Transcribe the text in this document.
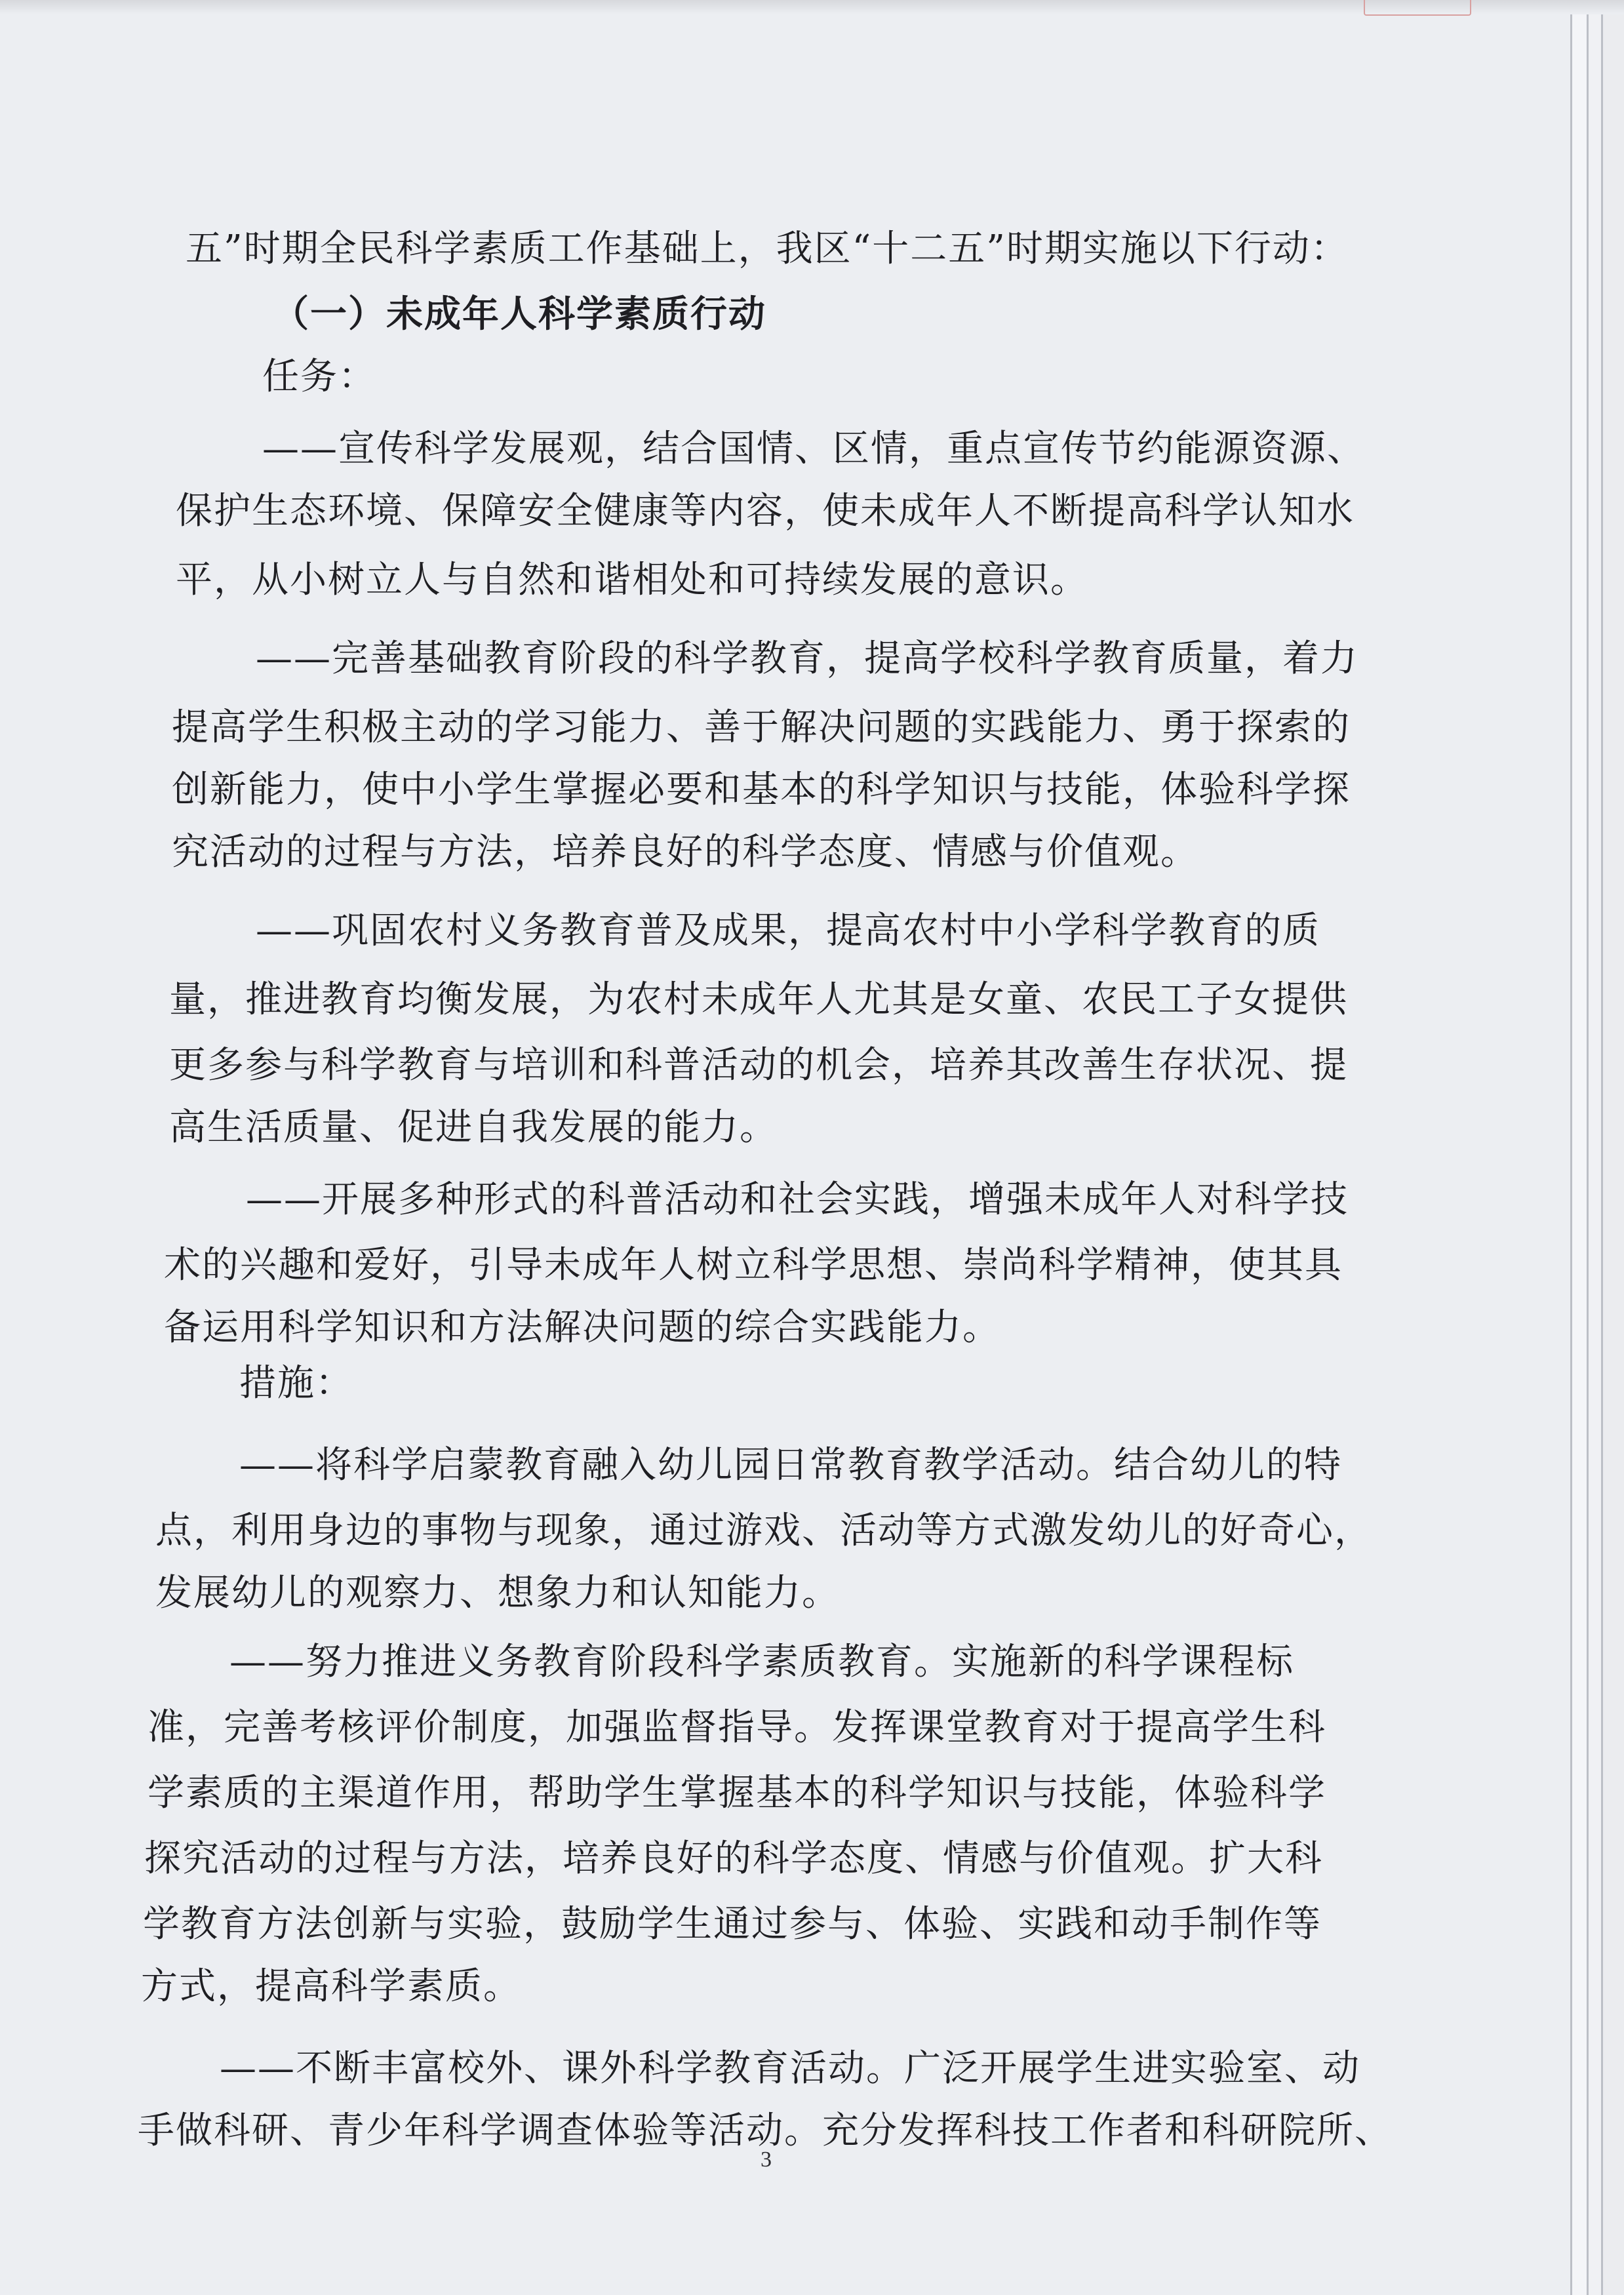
五”时期全民科学素质工作基础上，我区“十二五”时期实施以下行动：

（一）未成年人科学素质行动

任务：

——宣传科学发展观，结合国情、区情，重点宣传节约能源资源、

保护生态环境、保障安全健康等内容，使未成年人不断提高科学认知水

平，从小树立人与自然和谐相处和可持续发展的意识。

——完善基础教育阶段的科学教育，提高学校科学教育质量，着力

提高学生积极主动的学习能力、善于解决问题的实践能力、勇于探索的

创新能力，使中小学生掌握必要和基本的科学知识与技能，体验科学探

究活动的过程与方法，培养良好的科学态度、情感与价值观。

——巩固农村义务教育普及成果，提高农村中小学科学教育的质

量，推进教育均衡发展，为农村未成年人尤其是女童、农民工子女提供

更多参与科学教育与培训和科普活动的机会，培养其改善生存状况、提

高生活质量、促进自我发展的能力。

——开展多种形式的科普活动和社会实践，增强未成年人对科学技

术的兴趣和爱好，引导未成年人树立科学思想、崇尚科学精神，使其具

备运用科学知识和方法解决问题的综合实践能力。

措施：

——将科学启蒙教育融入幼儿园日常教育教学活动。结合幼儿的特

点，利用身边的事物与现象，通过游戏、活动等方式激发幼儿的好奇心，

发展幼儿的观察力、想象力和认知能力。

——努力推进义务教育阶段科学素质教育。实施新的科学课程标

准，完善考核评价制度，加强监督指导。发挥课堂教育对于提高学生科

学素质的主渠道作用，帮助学生掌握基本的科学知识与技能，体验科学

探究活动的过程与方法，培养良好的科学态度、情感与价值观。扩大科

学教育方法创新与实验，鼓励学生通过参与、体验、实践和动手制作等

方式，提高科学素质。

——不断丰富校外、课外科学教育活动。广泛开展学生进实验室、动

手做科研、青少年科学调查体验等活动。充分发挥科技工作者和科研院所、

3
